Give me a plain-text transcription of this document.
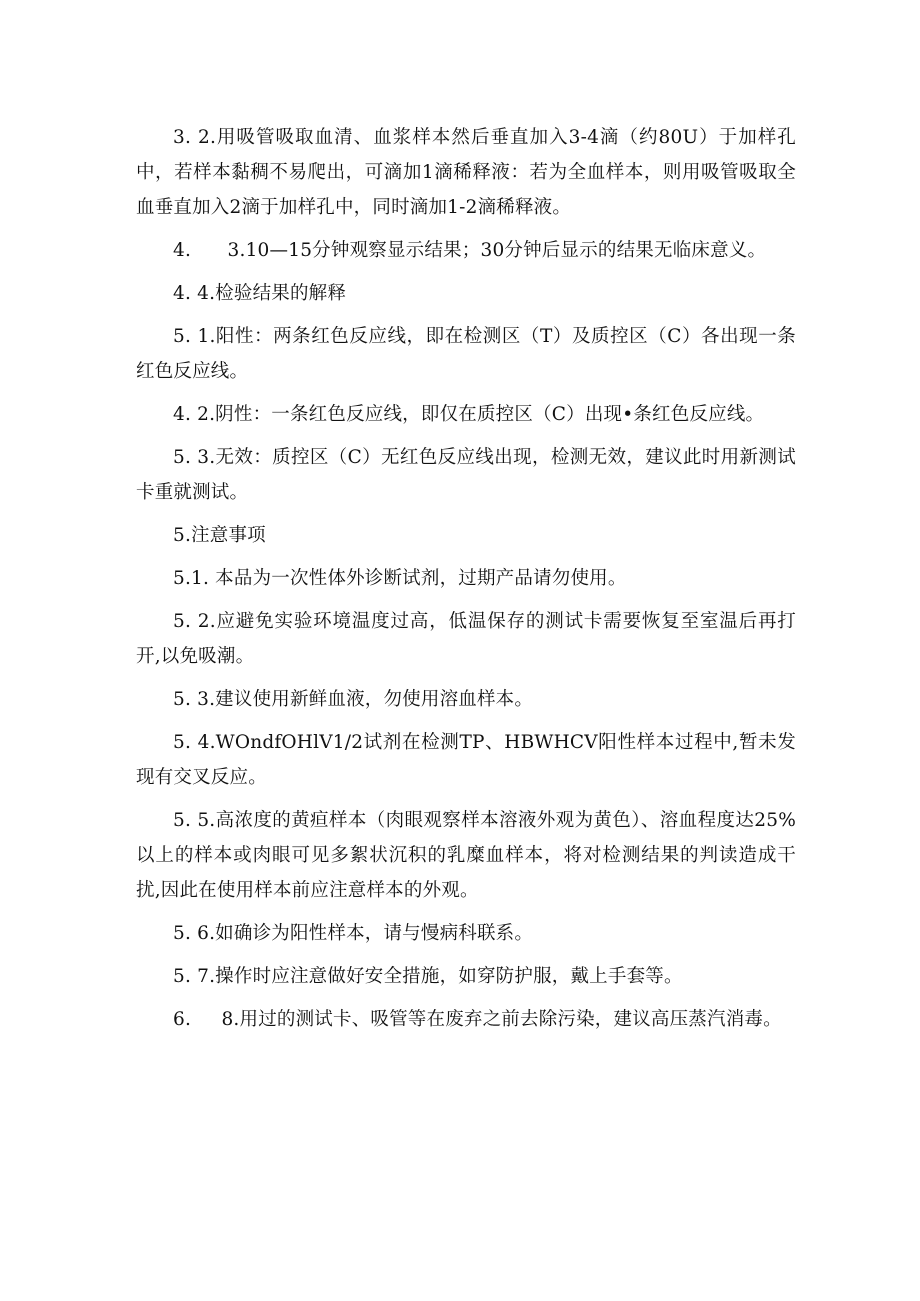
3. 2.用吸管吸取血清、血浆样本然后垂直加入3-4滴（约80U）于加样孔中，若样本黏稠不易爬出，可滴加1滴稀释液：若为全血样本，则用吸管吸取全血垂直加入2滴于加样孔中，同时滴加1-2滴稀释液。

4.      3.10—15分钟观察显示结果；30分钟后显示的结果无临床意义。

4. 4.检验结果的解释

5. 1.阳性：两条红色反应线，即在检测区（T）及质控区（C）各出现一条红色反应线。

4. 2.阴性：一条红色反应线，即仅在质控区（C）出现•条红色反应线。

5. 3.无效：质控区（C）无红色反应线出现，检测无效，建议此时用新测试卡重就测试。

5.注意事项

5.1. 本品为一次性体外诊断试剂，过期产品请勿使用。

5. 2.应避免实验环境温度过高，低温保存的测试卡需要恢复至室温后再打开,以免吸潮。

5. 3.建议使用新鲜血液，勿使用溶血样本。

5. 4.WOndfOHlV1/2试剂在检测TP、HBWHCV阳性样本过程中,暂未发现有交叉反应。

5. 5.高浓度的黄疸样本（肉眼观察样本溶液外观为黄色）、溶血程度达25%以上的样本或肉眼可见多絮状沉积的乳糜血样本，将对检测结果的判读造成干扰,因此在使用样本前应注意样本的外观。

5. 6.如确诊为阳性样本，请与慢病科联系。

5. 7.操作时应注意做好安全措施，如穿防护服，戴上手套等。

6.     8.用过的测试卡、吸管等在废弃之前去除污染，建议高压蒸汽消毒。
